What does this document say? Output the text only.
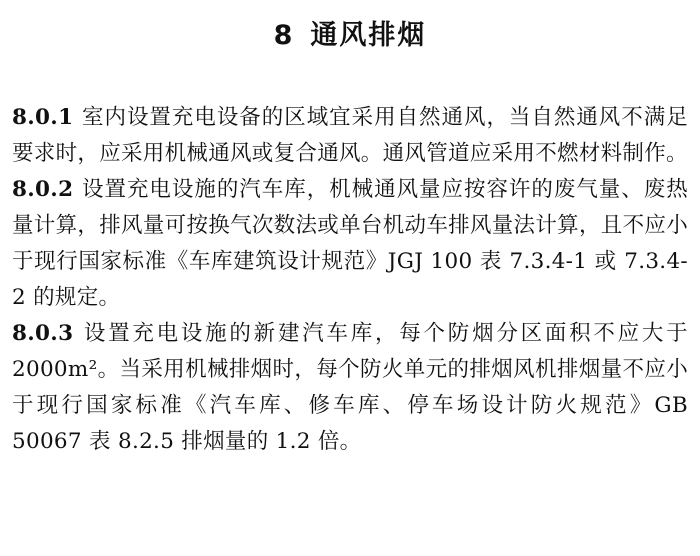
8 通风排烟

8.0.1 室内设置充电设备的区域宜采用自然通风，当自然通风不满足要求时，应采用机械通风或复合通风。通风管道应采用不燃材料制作。

8.0.2 设置充电设施的汽车库，机械通风量应按容许的废气量、废热量计算，排风量可按换气次数法或单台机动车排风量法计算，且不应小于现行国家标准《车库建筑设计规范》JGJ 100 表 7.3.4-1 或 7.3.4-2 的规定。

8.0.3 设置充电设施的新建汽车库，每个防烟分区面积不应大于 2000m²。当采用机械排烟时，每个防火单元的排烟风机排烟量不应小于现行国家标准《汽车库、修车库、停车场设计防火规范》GB 50067 表 8.2.5 排烟量的 1.2 倍。
